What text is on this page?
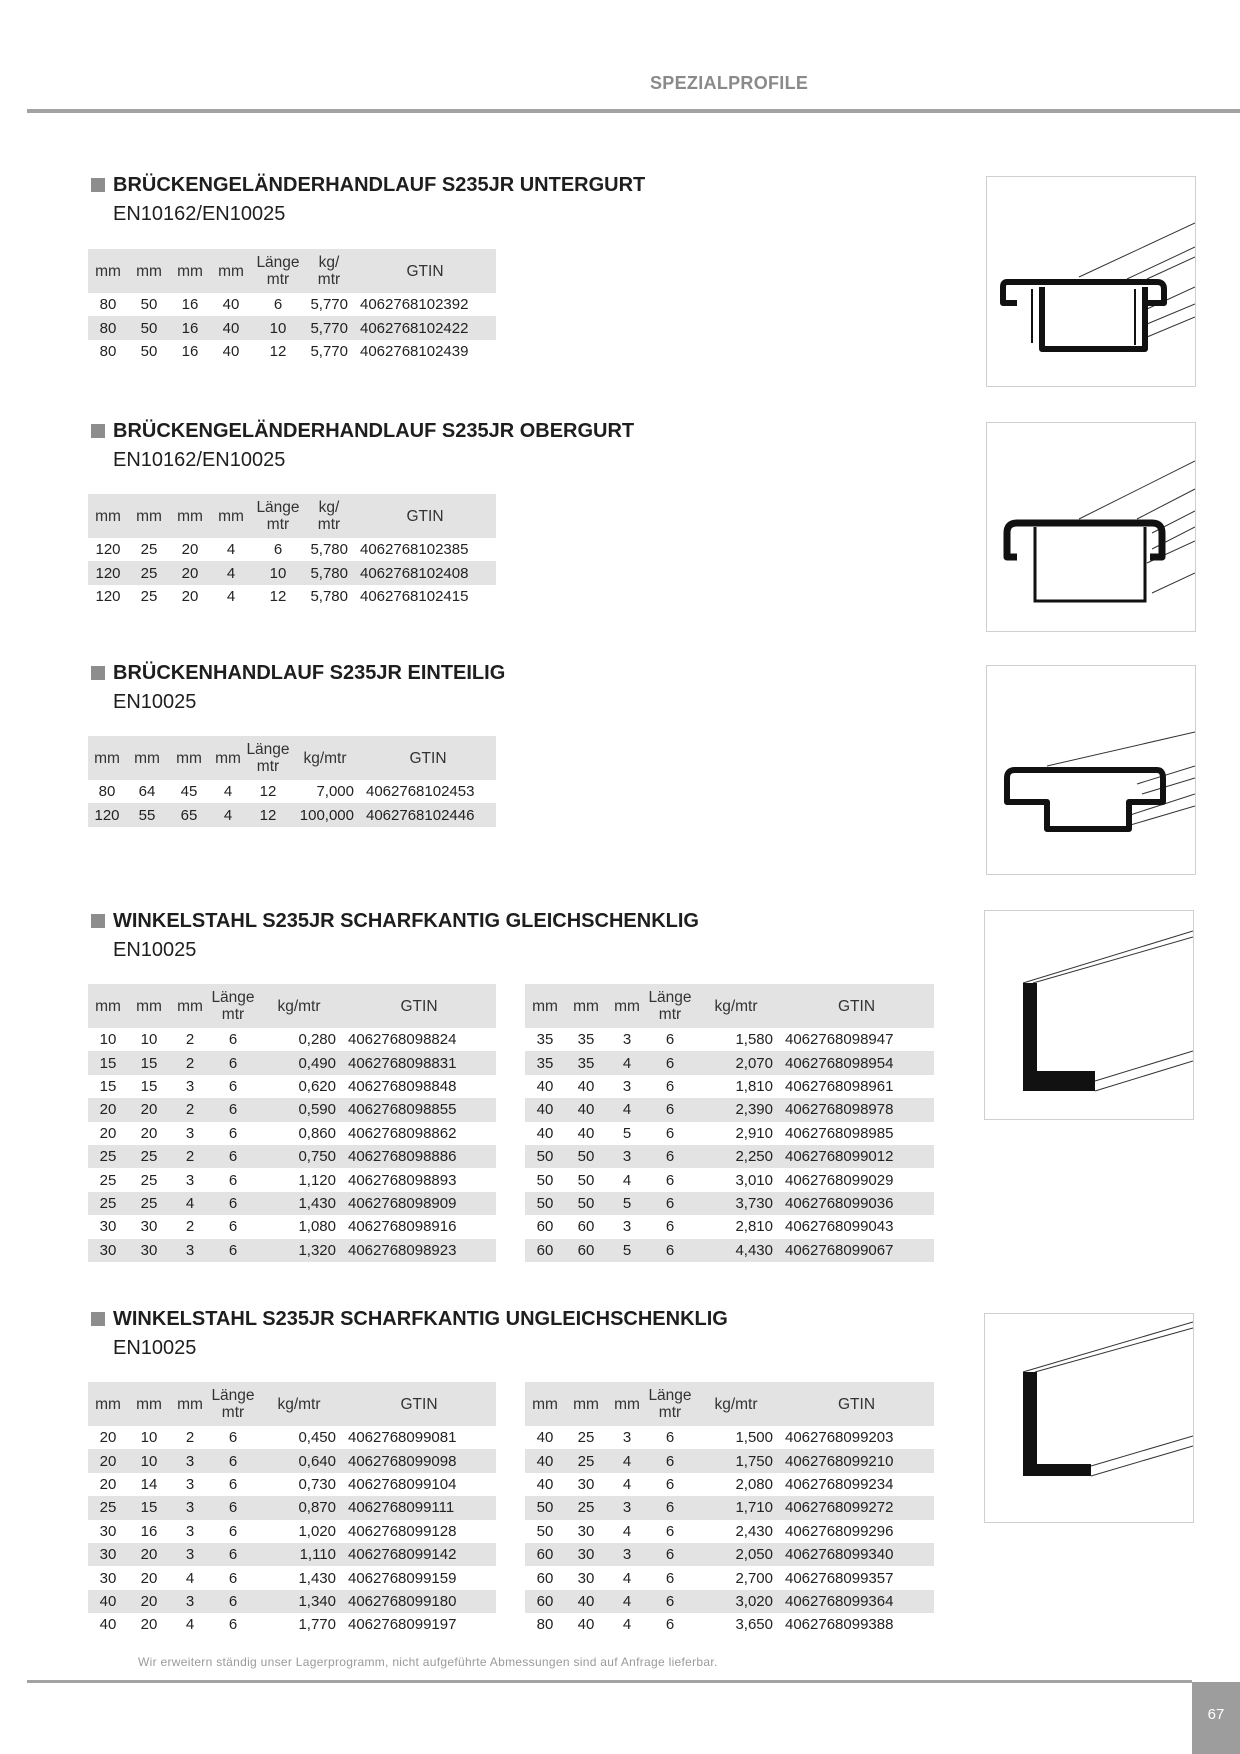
SPEZIALPROFILE
BRÜCKENGELÄNDERHANDLAUF S235JR UNTERGURT
EN10162/EN10025
mm	mm	mm	mm	Länge
mtr	kg/
mtr	GTIN
80	50	16	40	6	5,770	4062768102392
80	50	16	40	10	5,770	4062768102422
80	50	16	40	12	5,770	4062768102439
BRÜCKENGELÄNDERHANDLAUF S235JR OBERGURT
EN10162/EN10025
mm	mm	mm	mm	Länge
mtr	kg/
mtr	GTIN
120	25	20	4	6	5,780	4062768102385
120	25	20	4	10	5,780	4062768102408
120	25	20	4	12	5,780	4062768102415
BRÜCKENHANDLAUF S235JR EINTEILIG
EN10025
mm	mm	mm	mm	Länge
mtr	kg/mtr	GTIN
80	64	45	4	12	7,000	4062768102453
120	55	65	4	12	100,000	4062768102446
WINKELSTAHL S235JR SCHARFKANTIG GLEICHSCHENKLIG
EN10025
mm	mm	mm	Länge
mtr	kg/mtr	GTIN
10	10	2	6	0,280	4062768098824
15	15	2	6	0,490	4062768098831
15	15	3	6	0,620	4062768098848
20	20	2	6	0,590	4062768098855
20	20	3	6	0,860	4062768098862
25	25	2	6	0,750	4062768098886
25	25	3	6	1,120	4062768098893
25	25	4	6	1,430	4062768098909
30	30	2	6	1,080	4062768098916
30	30	3	6	1,320	4062768098923
mm	mm	mm	Länge
mtr	kg/mtr	GTIN
35	35	3	6	1,580	4062768098947
35	35	4	6	2,070	4062768098954
40	40	3	6	1,810	4062768098961
40	40	4	6	2,390	4062768098978
40	40	5	6	2,910	4062768098985
50	50	3	6	2,250	4062768099012
50	50	4	6	3,010	4062768099029
50	50	5	6	3,730	4062768099036
60	60	3	6	2,810	4062768099043
60	60	5	6	4,430	4062768099067
WINKELSTAHL S235JR SCHARFKANTIG UNGLEICHSCHENKLIG
EN10025
mm	mm	mm	Länge
mtr	kg/mtr	GTIN
20	10	2	6	0,450	4062768099081
20	10	3	6	0,640	4062768099098
20	14	3	6	0,730	4062768099104
25	15	3	6	0,870	4062768099111
30	16	3	6	1,020	4062768099128
30	20	3	6	1,110	4062768099142
30	20	4	6	1,430	4062768099159
40	20	3	6	1,340	4062768099180
40	20	4	6	1,770	4062768099197
mm	mm	mm	Länge
mtr	kg/mtr	GTIN
40	25	3	6	1,500	4062768099203
40	25	4	6	1,750	4062768099210
40	30	4	6	2,080	4062768099234
50	25	3	6	1,710	4062768099272
50	30	4	6	2,430	4062768099296
60	30	3	6	2,050	4062768099340
60	30	4	6	2,700	4062768099357
60	40	4	6	3,020	4062768099364
80	40	4	6	3,650	4062768099388
Wir erweitern ständig unser Lagerprogramm, nicht aufgeführte Abmessungen sind auf Anfrage lieferbar.
67
